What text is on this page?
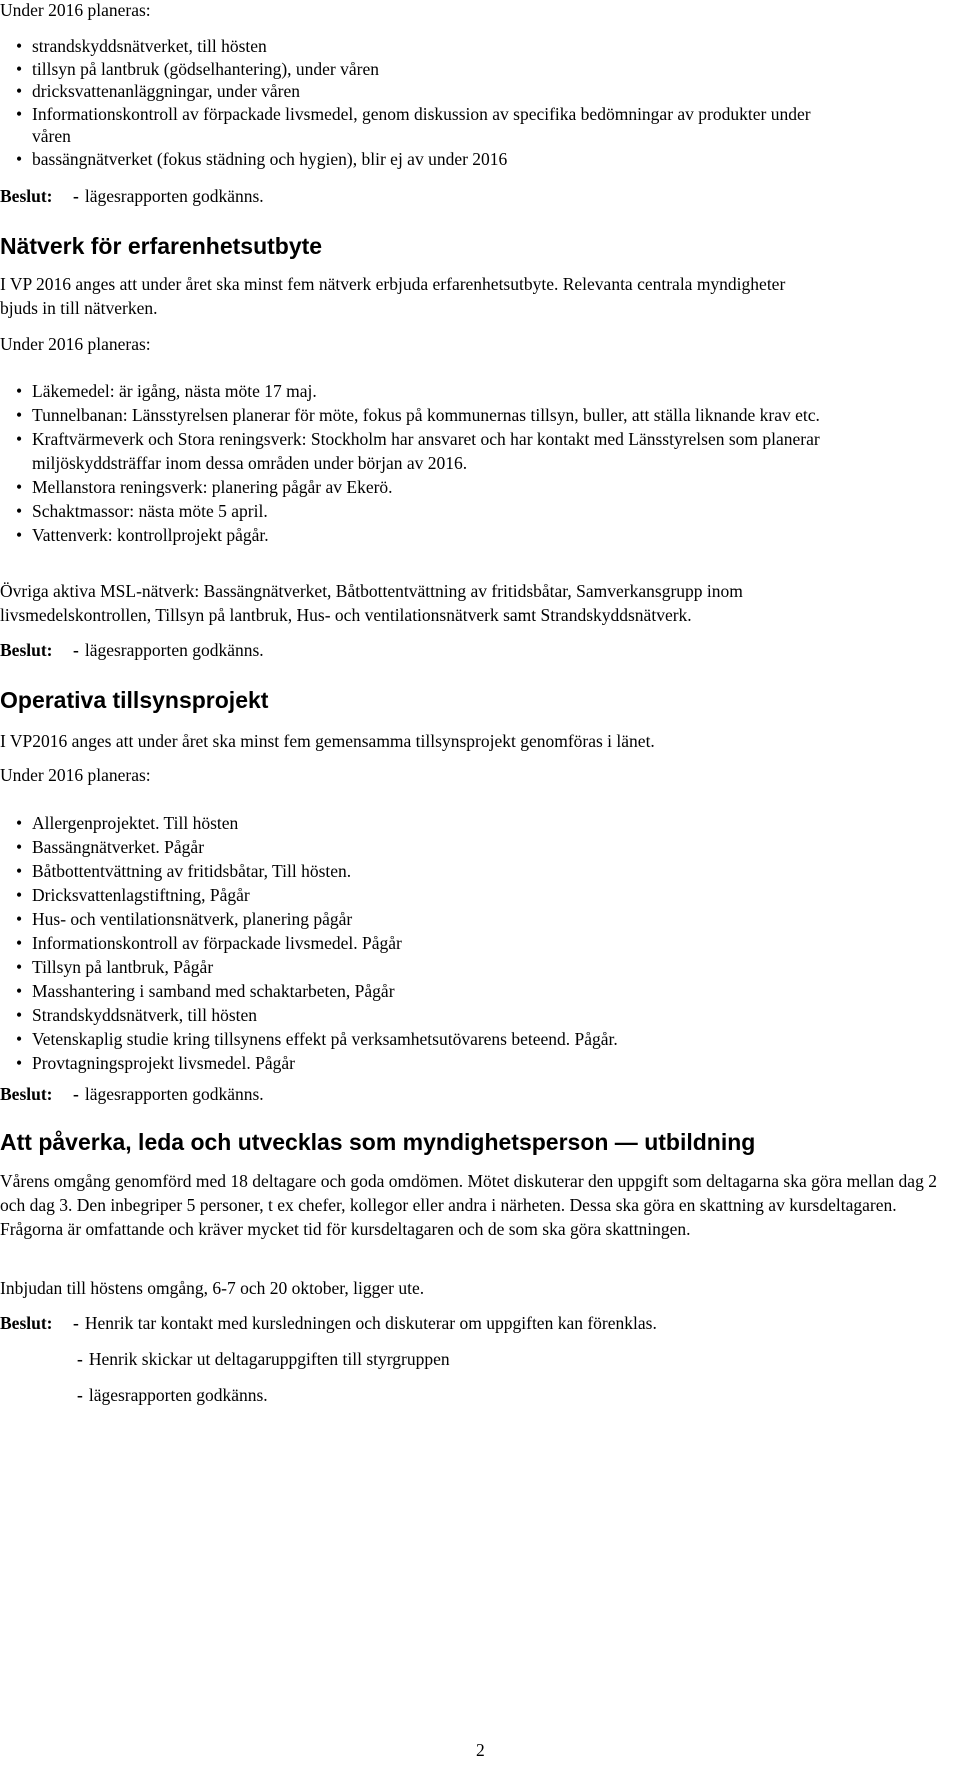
Under 2016 planeras:
• strandskyddsnätverket, till hösten
• tillsyn på lantbruk (gödselhantering), under våren
• dricksvattenanläggningar, under våren
• Informationskontroll av förpackade livsmedel, genom diskussion av specifika bedömningar av produkter under våren
• bassängnätverket (fokus städning och hygien), blir ej av under 2016
Beslut: - lägesrapporten godkänns.
Nätverk för erfarenhetsutbyte
I VP 2016 anges att under året ska minst fem nätverk erbjuda erfarenhetsutbyte. Relevanta centrala myndigheter bjuds in till nätverken.
Under 2016 planeras:
• Läkemedel: är igång, nästa möte 17 maj.
• Tunnelbanan: Länsstyrelsen planerar för möte, fokus på kommunernas tillsyn, buller, att ställa liknande krav etc.
• Kraftvärmeverk och Stora reningsverk: Stockholm har ansvaret och har kontakt med Länsstyrelsen som planerar miljöskyddsträffar inom dessa områden under början av 2016.
• Mellanstora reningsverk: planering pågår av Ekerö.
• Schaktmassor: nästa möte 5 april.
• Vattenverk: kontrollprojekt pågår.
Övriga aktiva MSL-nätverk: Bassängnätverket, Båtbottentvättning av fritidsbåtar, Samverkansgrupp inom livsmedelskontrollen, Tillsyn på lantbruk, Hus- och ventilationsnätverk samt Strandskyddsnätverk.
Beslut: - lägesrapporten godkänns.
Operativa tillsynsprojekt
I VP2016 anges att under året ska minst fem gemensamma tillsynsprojekt genomföras i länet.
Under 2016 planeras:
• Allergenprojektet. Till hösten
• Bassängnätverket. Pågår
• Båtbottentvättning av fritidsbåtar, Till hösten.
• Dricksvattenlagstiftning, Pågår
• Hus- och ventilationsnätverk, planering pågår
• Informationskontroll av förpackade livsmedel. Pågår
• Tillsyn på lantbruk, Pågår
• Masshantering i samband med schaktarbeten, Pågår
• Strandskyddsnätverk, till hösten
• Vetenskaplig studie kring tillsynens effekt på verksamhetsutövarens beteend. Pågår.
• Provtagningsprojekt livsmedel. Pågår
Beslut: - lägesrapporten godkänns.
Att påverka, leda och utvecklas som myndighetsperson — utbildning
Vårens omgång genomförd med 18 deltagare och goda omdömen. Mötet diskuterar den uppgift som deltagarna ska göra mellan dag 2 och dag 3. Den inbegriper 5 personer, t ex chefer, kollegor eller andra i närheten. Dessa ska göra en skattning av kursdeltagaren. Frågorna är omfattande och kräver mycket tid för kursdeltagaren och de som ska göra skattningen.
Inbjudan till höstens omgång, 6-7 och 20 oktober, ligger ute.
Beslut: - Henrik tar kontakt med kursledningen och diskuterar om uppgiften kan förenklas.
- Henrik skickar ut deltagaruppgiften till styrgruppen
- lägesrapporten godkänns.
2
